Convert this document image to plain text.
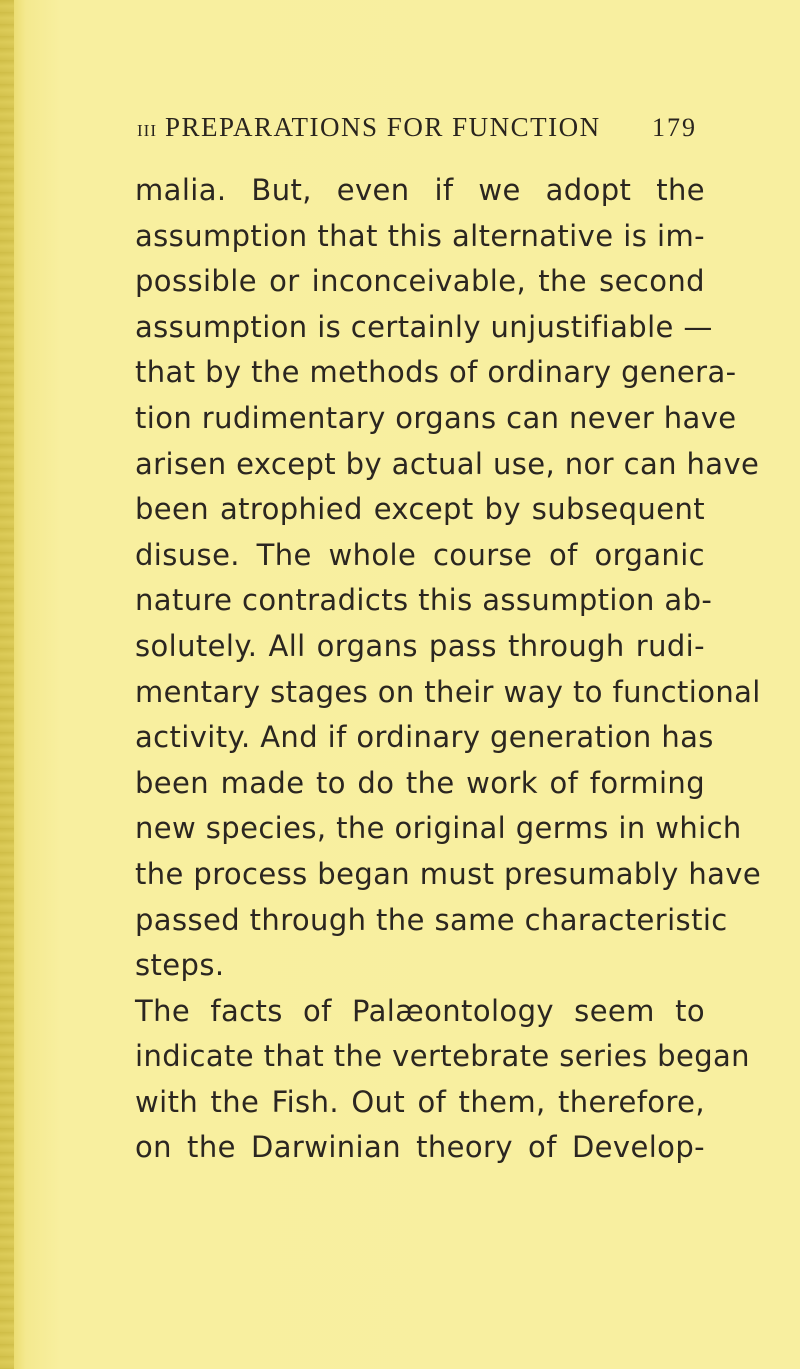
III PREPARATIONS FOR FUNCTION 179
malia. But, even if we adopt the
assumption that this alternative is im-
possible or inconceivable, the second
assumption is certainly unjustifiable —
that by the methods of ordinary genera-
tion rudimentary organs can never have
arisen except by actual use, nor can have
been atrophied except by subsequent
disuse. The whole course of organic
nature contradicts this assumption ab-
solutely. All organs pass through rudi-
mentary stages on their way to functional
activity. And if ordinary generation has
been made to do the work of forming
new species, the original germs in which
the process began must presumably have
passed through the same characteristic
steps.
The facts of Palæontology seem to
indicate that the vertebrate series began
with the Fish. Out of them, therefore,
on the Darwinian theory of Develop-
